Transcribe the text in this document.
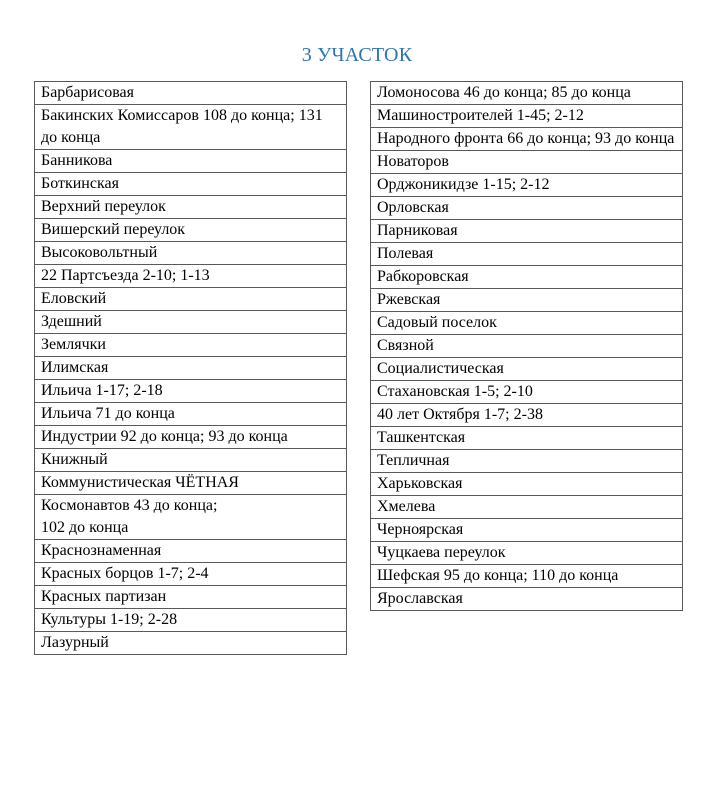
3 УЧАСТОК
Барбарисовая
Бакинских Комиссаров 108 до конца; 131 до конца
Банникова
Боткинская
Верхний переулок
Вишерский переулок
Высоковольтный
22 Партсъезда 2-10; 1-13
Еловский
Здешний
Землячки
Илимская
Ильича 1-17; 2-18
Ильича 71 до конца
Индустрии 92 до конца; 93 до конца
Книжный
Коммунистическая ЧЁТНАЯ
Космонавтов 43 до конца;
102 до конца
Краснознаменная
Красных борцов 1-7; 2-4
Красных партизан
Культуры 1-19; 2-28
Лазурный
Ломоносова 46 до конца; 85 до конца
Машиностроителей 1-45; 2-12
Народного фронта 66 до конца; 93 до конца
Новаторов
Орджоникидзе 1-15; 2-12
Орловская
Парниковая
Полевая
Рабкоровская
Ржевская
Садовый поселок
Связной
Социалистическая
Стахановская 1-5; 2-10
40 лет Октября 1-7; 2-38
Ташкентская
Тепличная
Харьковская
Хмелева
Черноярская
Чуцкаева переулок
Шефская 95 до конца; 110 до конца
Ярославская
